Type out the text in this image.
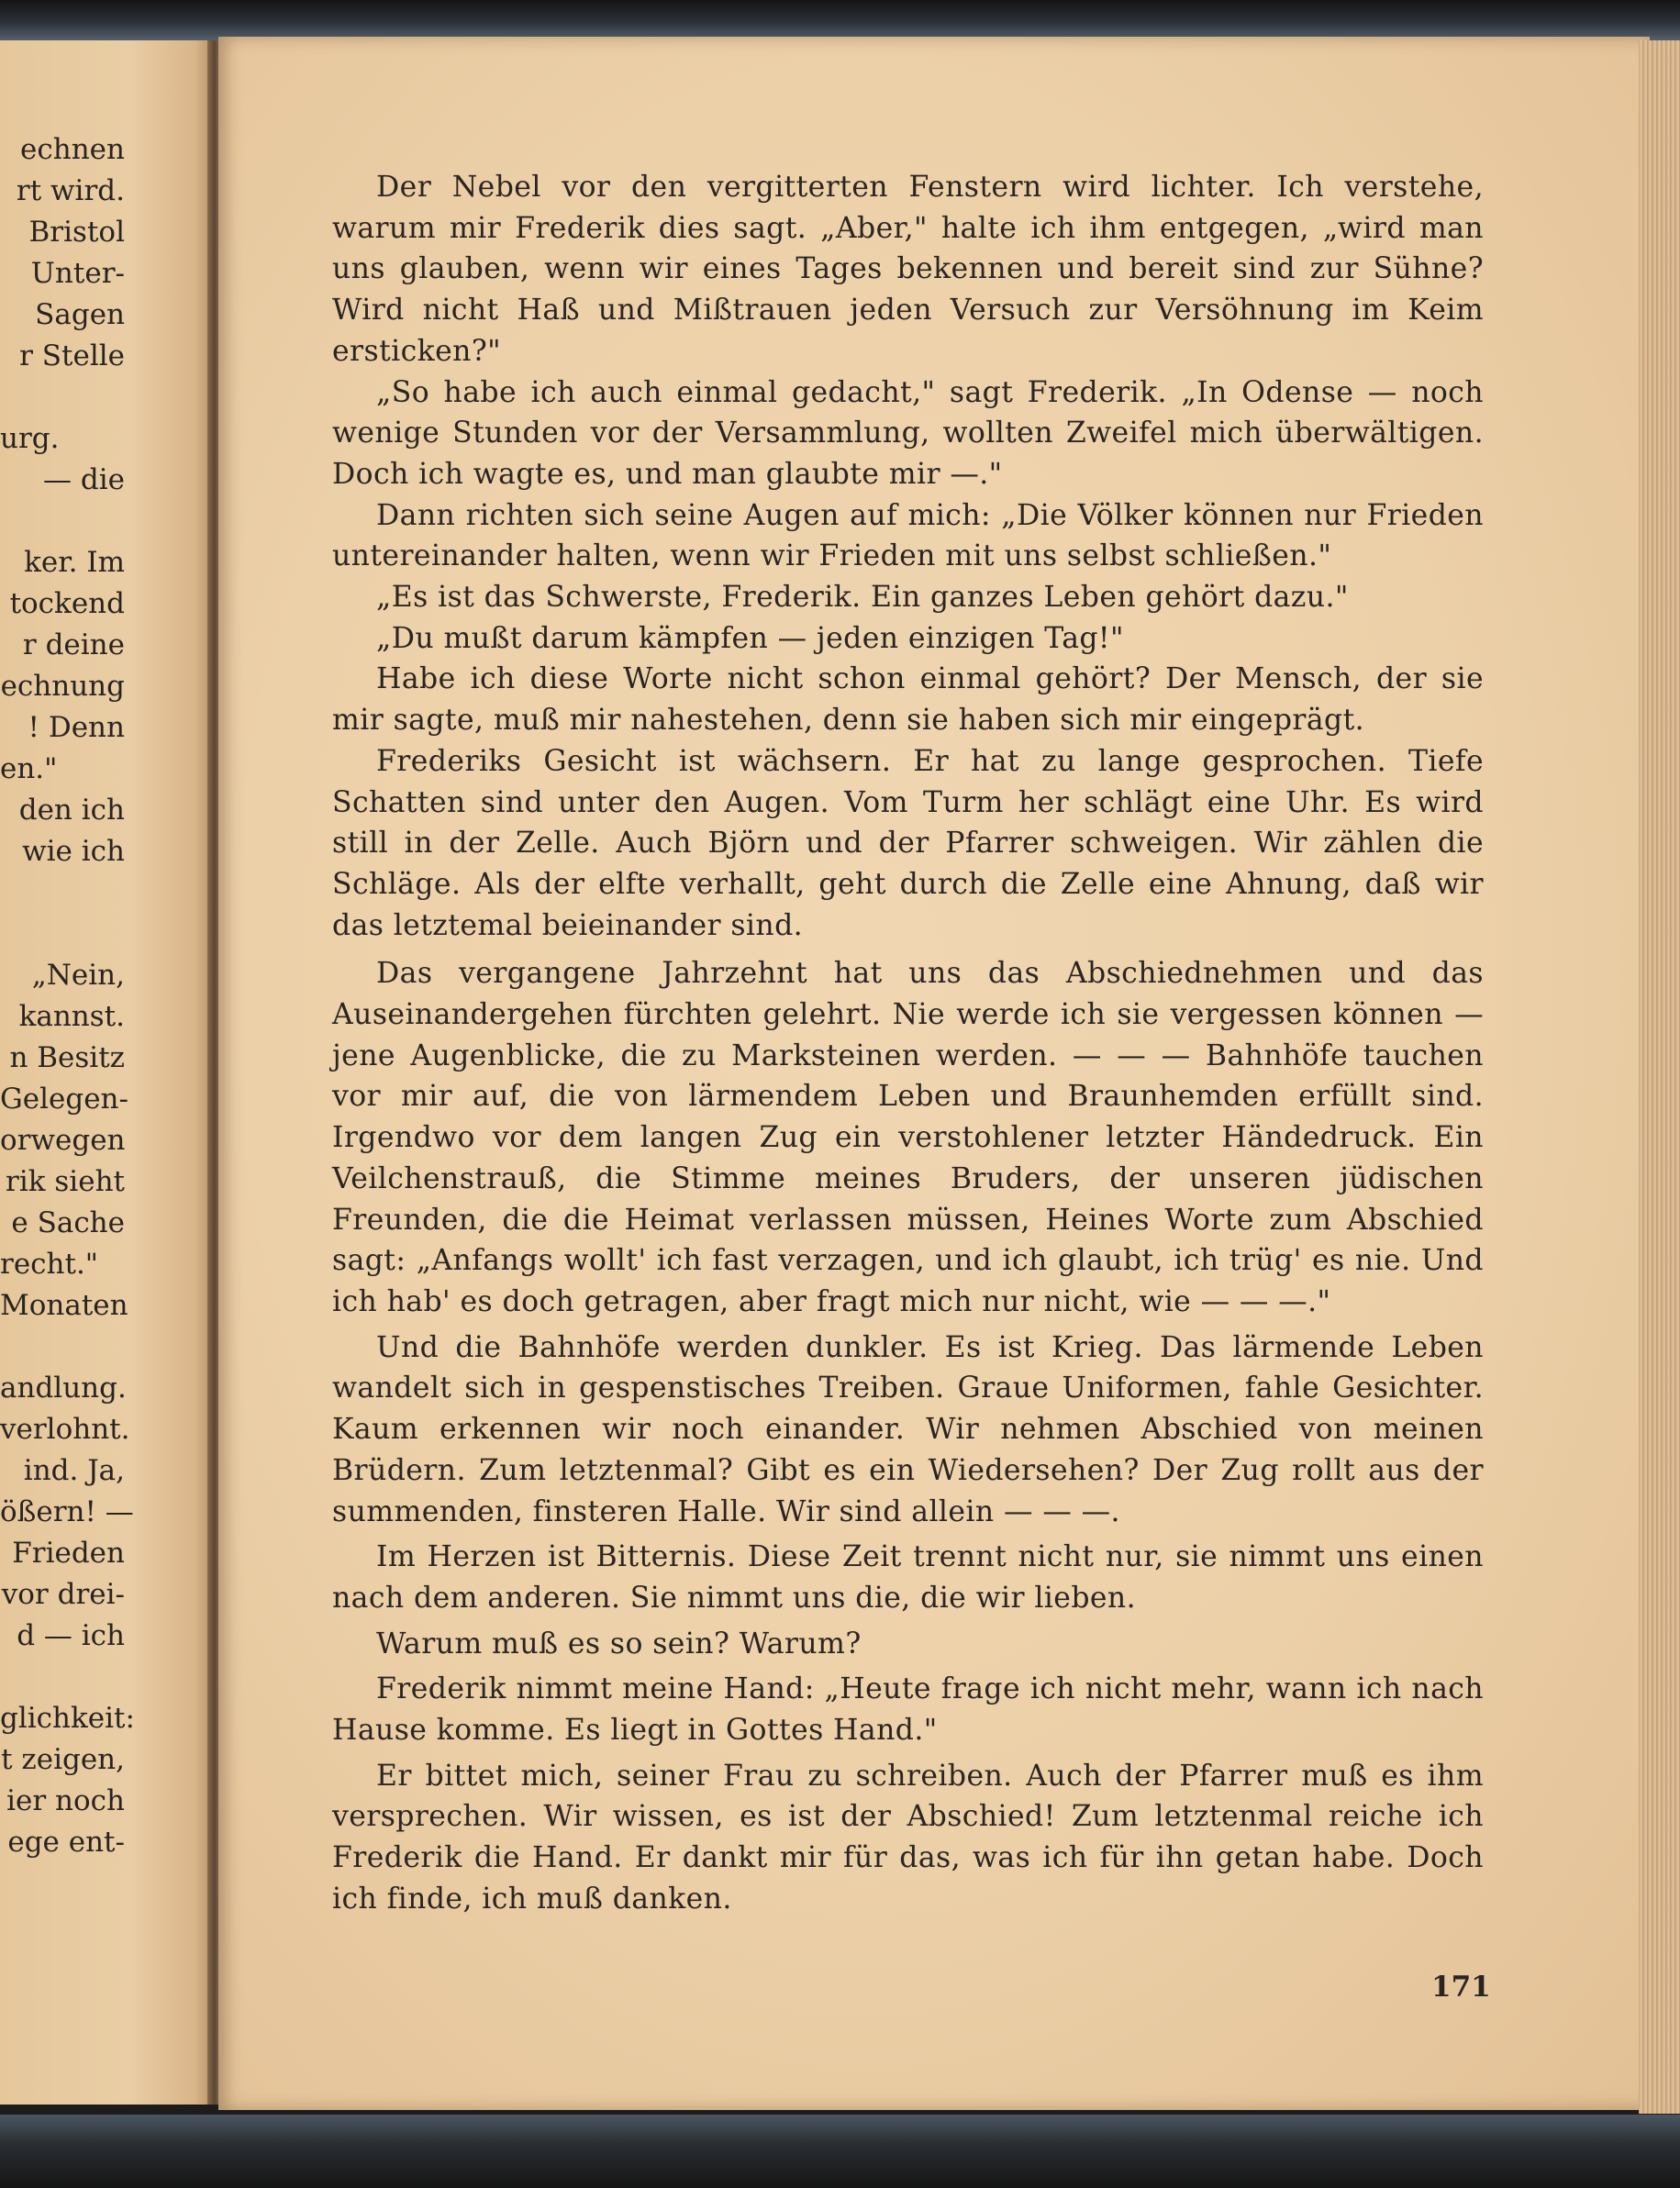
echnen
rt wird.
Bristol
Unter-
Sagen
r Stelle
urg.
— die
ker. Im
tockend
r deine
echnung
! Denn
en."
den ich
wie ich
„Nein,
kannst.
n Besitz
Gelegen-
orwegen
rik sieht
e Sache
recht."
Monaten
andlung.
verlohnt.
ind. Ja,
ößern! —
Frieden
vor drei-
d — ich
glichkeit:
t zeigen,
ier noch
ege ent-

Der Nebel vor den vergitterten Fenstern wird lichter. Ich verstehe, warum mir Frederik dies sagt. „Aber," halte ich ihm entgegen, „wird man uns glauben, wenn wir eines Tages bekennen und bereit sind zur Sühne? Wird nicht Haß und Mißtrauen jeden Versuch zur Versöhnung im Keim ersticken?"

„So habe ich auch einmal gedacht," sagt Frederik. „In Odense — noch wenige Stunden vor der Versammlung, wollten Zweifel mich überwältigen. Doch ich wagte es, und man glaubte mir —."

Dann richten sich seine Augen auf mich: „Die Völker können nur Frieden untereinander halten, wenn wir Frieden mit uns selbst schließen."

„Es ist das Schwerste, Frederik. Ein ganzes Leben gehört dazu."

„Du mußt darum kämpfen — jeden einzigen Tag!"

Habe ich diese Worte nicht schon einmal gehört? Der Mensch, der sie mir sagte, muß mir nahestehen, denn sie haben sich mir eingeprägt.

Frederiks Gesicht ist wächsern. Er hat zu lange gesprochen. Tiefe Schatten sind unter den Augen. Vom Turm her schlägt eine Uhr. Es wird still in der Zelle. Auch Björn und der Pfarrer schweigen. Wir zählen die Schläge. Als der elfte verhallt, geht durch die Zelle eine Ahnung, daß wir das letztemal beieinander sind.

Das vergangene Jahrzehnt hat uns das Abschiednehmen und das Auseinandergehen fürchten gelehrt. Nie werde ich sie vergessen können — jene Augenblicke, die zu Marksteinen werden. — — — Bahnhöfe tauchen vor mir auf, die von lärmendem Leben und Braunhemden erfüllt sind. Irgendwo vor dem langen Zug ein verstohlener letzter Händedruck. Ein Veilchenstrauß, die Stimme meines Bruders, der unseren jüdischen Freunden, die die Heimat verlassen müssen, Heines Worte zum Abschied sagt: „Anfangs wollt' ich fast verzagen, und ich glaubt, ich trüg' es nie. Und ich hab' es doch getragen, aber fragt mich nur nicht, wie — — —."

Und die Bahnhöfe werden dunkler. Es ist Krieg. Das lärmende Leben wandelt sich in gespenstisches Treiben. Graue Uniformen, fahle Gesichter. Kaum erkennen wir noch einander. Wir nehmen Abschied von meinen Brüdern. Zum letztenmal? Gibt es ein Wiedersehen? Der Zug rollt aus der summenden, finsteren Halle. Wir sind allein — — —.

Im Herzen ist Bitternis. Diese Zeit trennt nicht nur, sie nimmt uns einen nach dem anderen. Sie nimmt uns die, die wir lieben.

Warum muß es so sein? Warum?

Frederik nimmt meine Hand: „Heute frage ich nicht mehr, wann ich nach Hause komme. Es liegt in Gottes Hand."

Er bittet mich, seiner Frau zu schreiben. Auch der Pfarrer muß es ihm versprechen. Wir wissen, es ist der Abschied! Zum letztenmal reiche ich Frederik die Hand. Er dankt mir für das, was ich für ihn getan habe. Doch ich finde, ich muß danken.

171
